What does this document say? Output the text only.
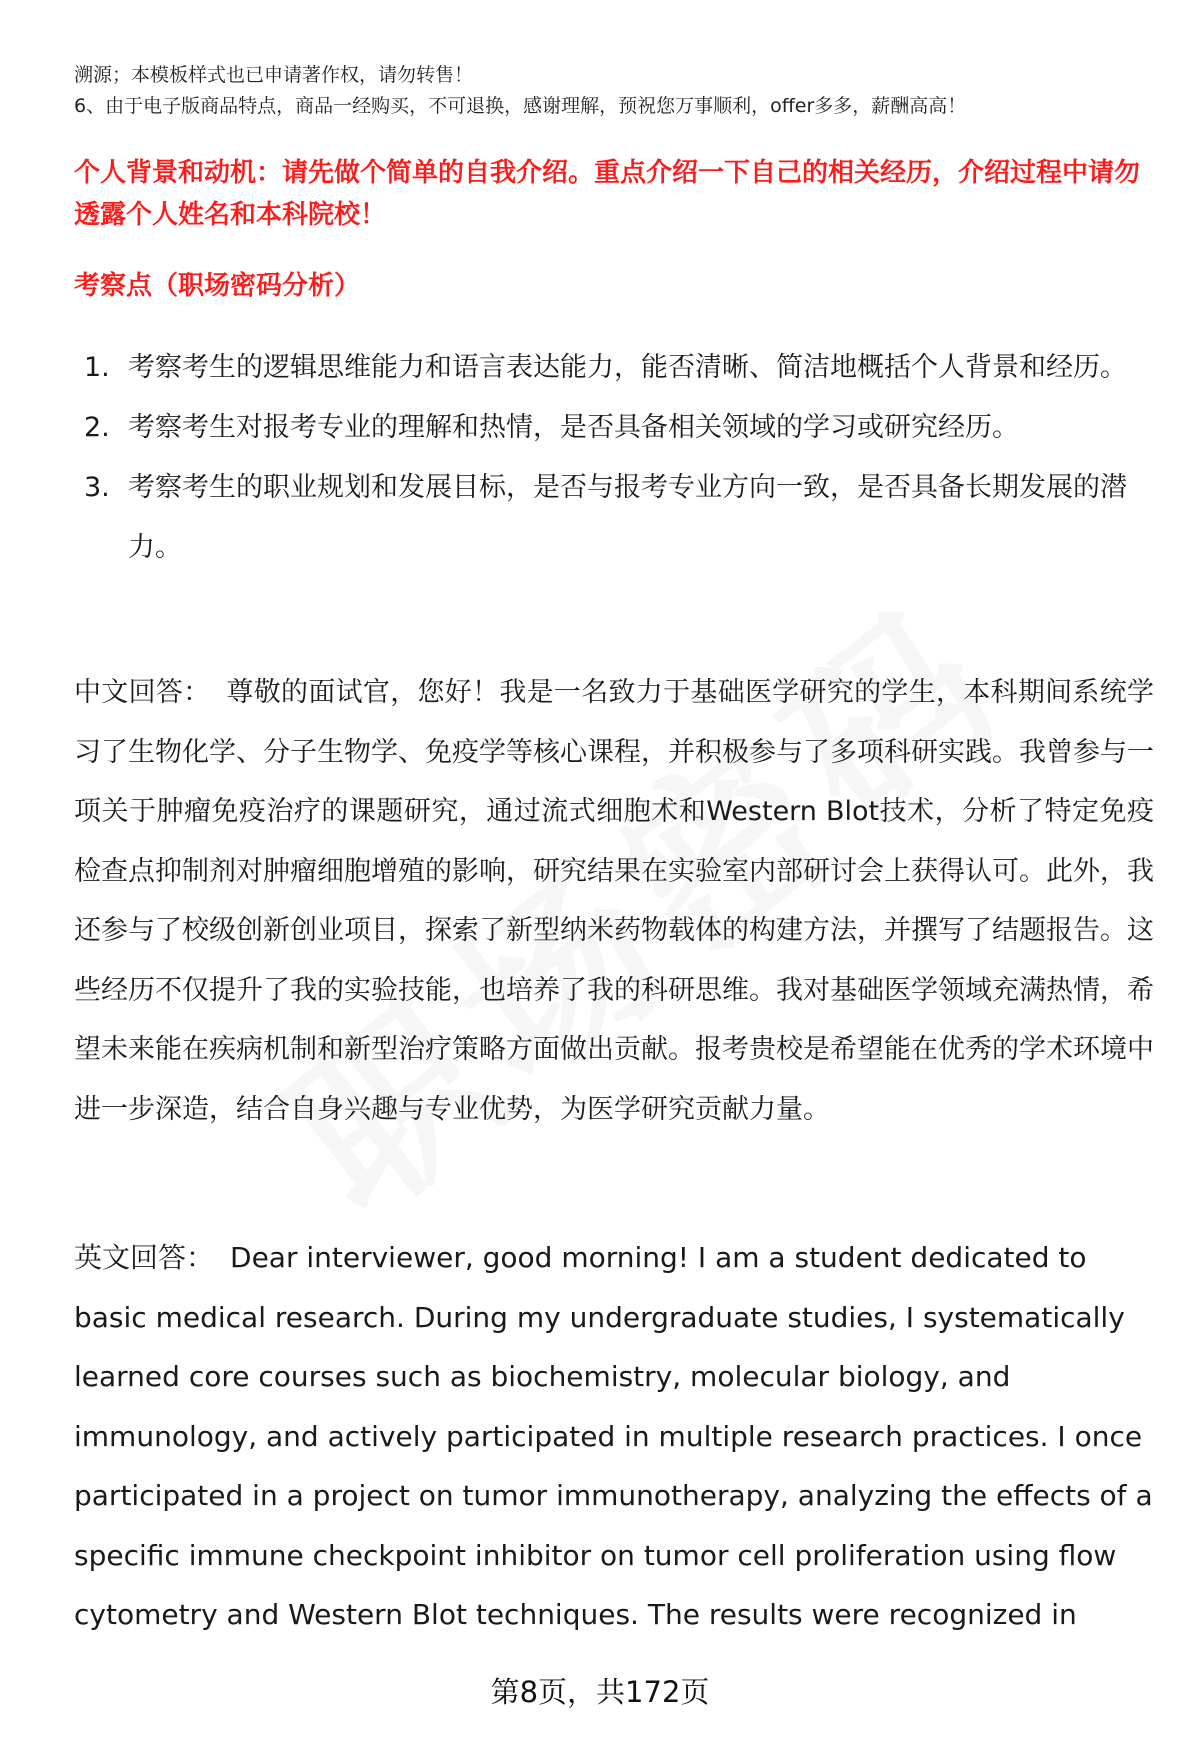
溯源；本模板样式也已申请著作权，请勿转售！
6、由于电子版商品特点，商品一经购买，不可退换，感谢理解，预祝您万事顺利，offer多多，薪酬高高！
个人背景和动机：请先做个简单的自我介绍。重点介绍一下自己的相关经历，介绍过程中请勿透露个人姓名和本科院校！
考察点（职场密码分析）
1. 考察考生的逻辑思维能力和语言表达能力，能否清晰、简洁地概括个人背景和经历。
2. 考察考生对报考专业的理解和热情，是否具备相关领域的学习或研究经历。
3. 考察考生的职业规划和发展目标，是否与报考专业方向一致，是否具备长期发展的潜力。

中文回答： 尊敬的面试官，您好！我是一名致力于基础医学研究的学生，本科期间系统学习了生物化学、分子生物学、免疫学等核心课程，并积极参与了多项科研实践。我曾参与一项关于肿瘤免疫治疗的课题研究，通过流式细胞术和Western Blot技术，分析了特定免疫检查点抑制剂对肿瘤细胞增殖的影响，研究结果在实验室内部研讨会上获得认可。此外，我还参与了校级创新创业项目，探索了新型纳米药物载体的构建方法，并撰写了结题报告。这些经历不仅提升了我的实验技能，也培养了我的科研思维。我对基础医学领域充满热情，希望未来能在疾病机制和新型治疗策略方面做出贡献。报考贵校是希望能在优秀的学术环境中进一步深造，结合自身兴趣与专业优势，为医学研究贡献力量。

英文回答： Dear interviewer, good morning! I am a student dedicated to basic medical research. During my undergraduate studies, I systematically learned core courses such as biochemistry, molecular biology, and immunology, and actively participated in multiple research practices. I once participated in a project on tumor immunotherapy, analyzing the effects of a specific immune checkpoint inhibitor on tumor cell proliferation using flow cytometry and Western Blot techniques. The results were recognized in

第8页，共172页
